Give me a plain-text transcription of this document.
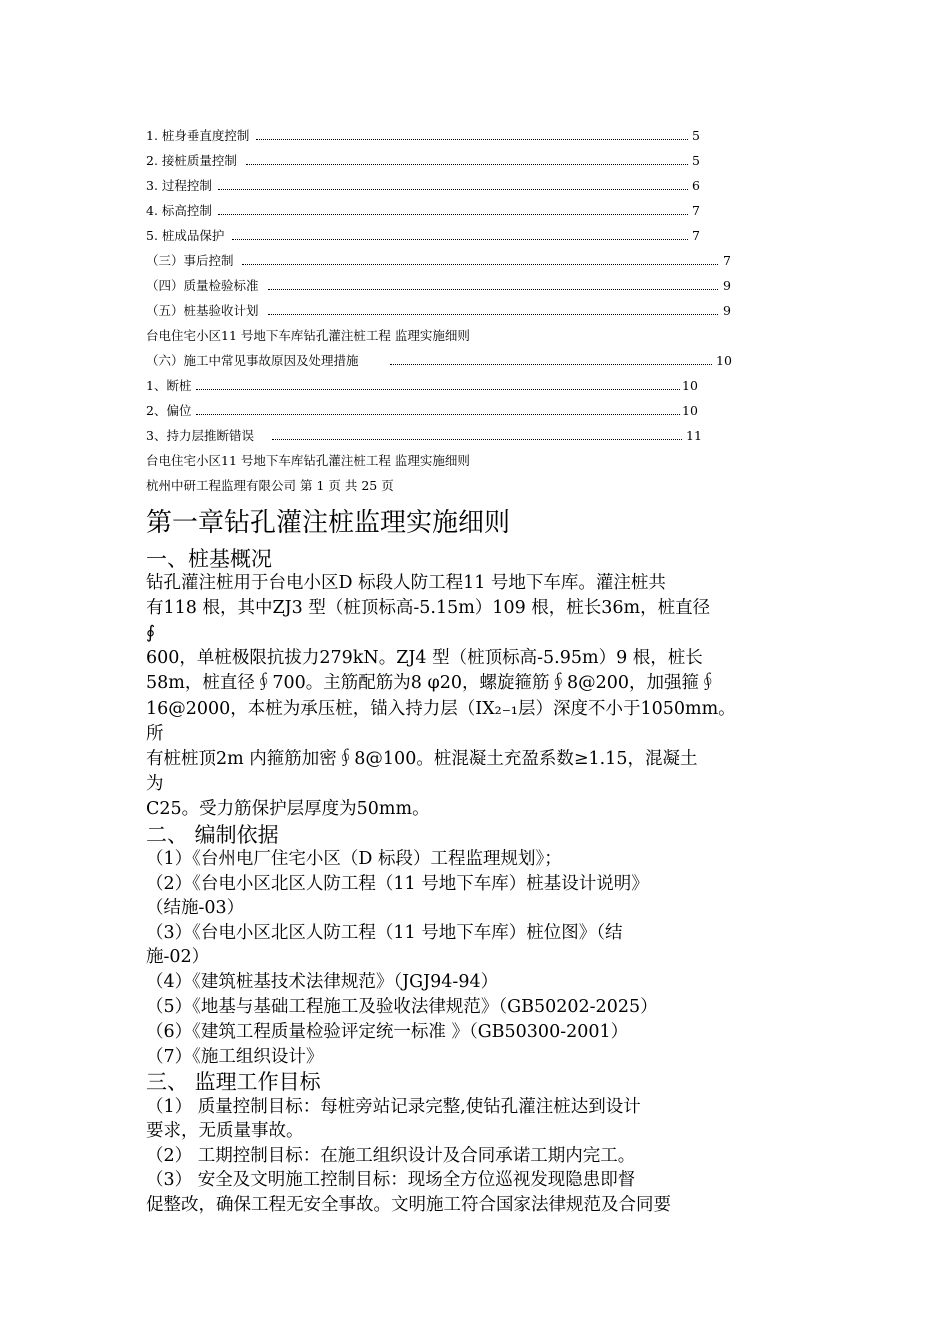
1. 桩身垂直度控制	5
2. 接桩质量控制	5
3. 过程控制	6
4. 标高控制	7
5. 桩成品保护	7
（三）事后控制	7
（四）质量检验标准	9
（五）桩基验收计划	9
台电住宅小区11 号地下车库钻孔灌注桩工程 监理实施细则
（六）施工中常见事故原因及处理措施	10
1、断桩	10
2、偏位	10
3、持力层推断错误	11
台电住宅小区11 号地下车库钻孔灌注桩工程 监理实施细则
杭州中研工程监理有限公司 第 1 页 共 25 页
第一章钻孔灌注桩监理实施细则
一、桩基概况
钻孔灌注桩用于台电小区D 标段人防工程11 号地下车库。灌注桩共
有118 根，其中ZJ3 型（桩顶标高-5.15m）109 根，桩长36m，桩直径
∮
600，单桩极限抗拔力279kN。ZJ4 型（桩顶标高-5.95m）9 根，桩长
58m，桩直径∮700。主筋配筋为8 φ20，螺旋箍筋∮8@200，加强箍∮
16@2000，本桩为承压桩，锚入持力层（IX₂₋₁层）深度不小于1050mm。
所
有桩桩顶2m 内箍筋加密∮8@100。桩混凝土充盈系数≥1.15，混凝土
为
C25。受力筋保护层厚度为50mm。
二、 编制依据
（1）《台州电厂住宅小区（D 标段）工程监理规划》；
（2）《台电小区北区人防工程（11 号地下车库）桩基设计说明》
（结施-03）
（3）《台电小区北区人防工程（11 号地下车库）桩位图》（结
施-02）
（4）《建筑桩基技术法律规范》（JGJ94-94）
（5）《地基与基础工程施工及验收法律规范》（GB50202-2025）
（6）《建筑工程质量检验评定统一标准 》（GB50300-2001）
（7）《施工组织设计》
三、 监理工作目标
（1） 质量控制目标：每桩旁站记录完整,使钻孔灌注桩达到设计
要求，无质量事故。
（2） 工期控制目标：在施工组织设计及合同承诺工期内完工。
（3） 安全及文明施工控制目标：现场全方位巡视发现隐患即督
促整改，确保工程无安全事故。文明施工符合国家法律规范及合同要
